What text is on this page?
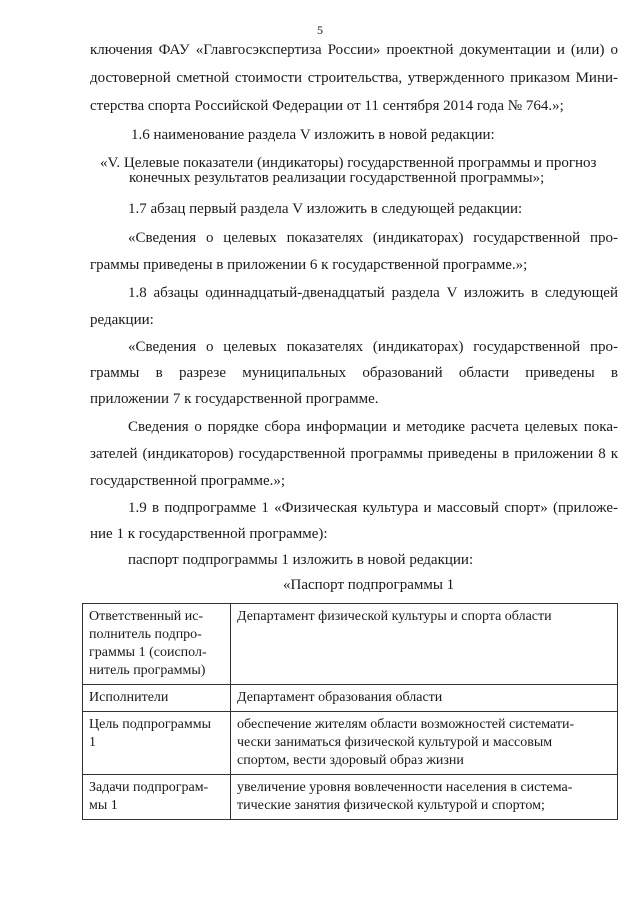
5
ключения ФАУ «Главгосэкспертиза России» проектной документации и (или) о
достоверной сметной стоимости строительства, утвержденного приказом Мини-
стерства спорта Российской Федерации от 11 сентября 2014 года № 764.»;
1.6 наименование раздела V изложить в новой редакции:
«V. Целевые показатели (индикаторы) государственной программы и прогноз
конечных результатов реализации государственной программы»;
1.7 абзац первый раздела V изложить в следующей редакции:
«Сведения о целевых показателях (индикаторах) государственной про-
граммы приведены в приложении 6 к государственной программе.»;
1.8 абзацы одиннадцатый-двенадцатый раздела V изложить в следующей
редакции:
«Сведения о целевых показателях (индикаторах) государственной про-
граммы в разрезе муниципальных образований области приведены в
приложении 7 к государственной программе.
Сведения о порядке сбора информации и методике расчета целевых пока-
зателей (индикаторов) государственной программы приведены в приложении 8 к
государственной программе.»;
1.9 в подпрограмме 1 «Физическая культура и массовый спорт» (приложе-
ние 1 к государственной программе):
паспорт подпрограммы 1 изложить в новой редакции:
«Паспорт подпрограммы 1
Ответственный ис-
полнитель подпро-
граммы 1 (соиспол-
нитель программы)	Департамент физической культуры и спорта области

Исполнители	Департамент образования области

Цель подпрограммы
1	обеспечение жителям области возможностей системати-
чески заниматься физической культурой и массовым
спортом, вести здоровый образ жизни

Задачи подпрограм-
мы 1	увеличение уровня вовлеченности населения в система-
тические занятия физической культурой и спортом;
